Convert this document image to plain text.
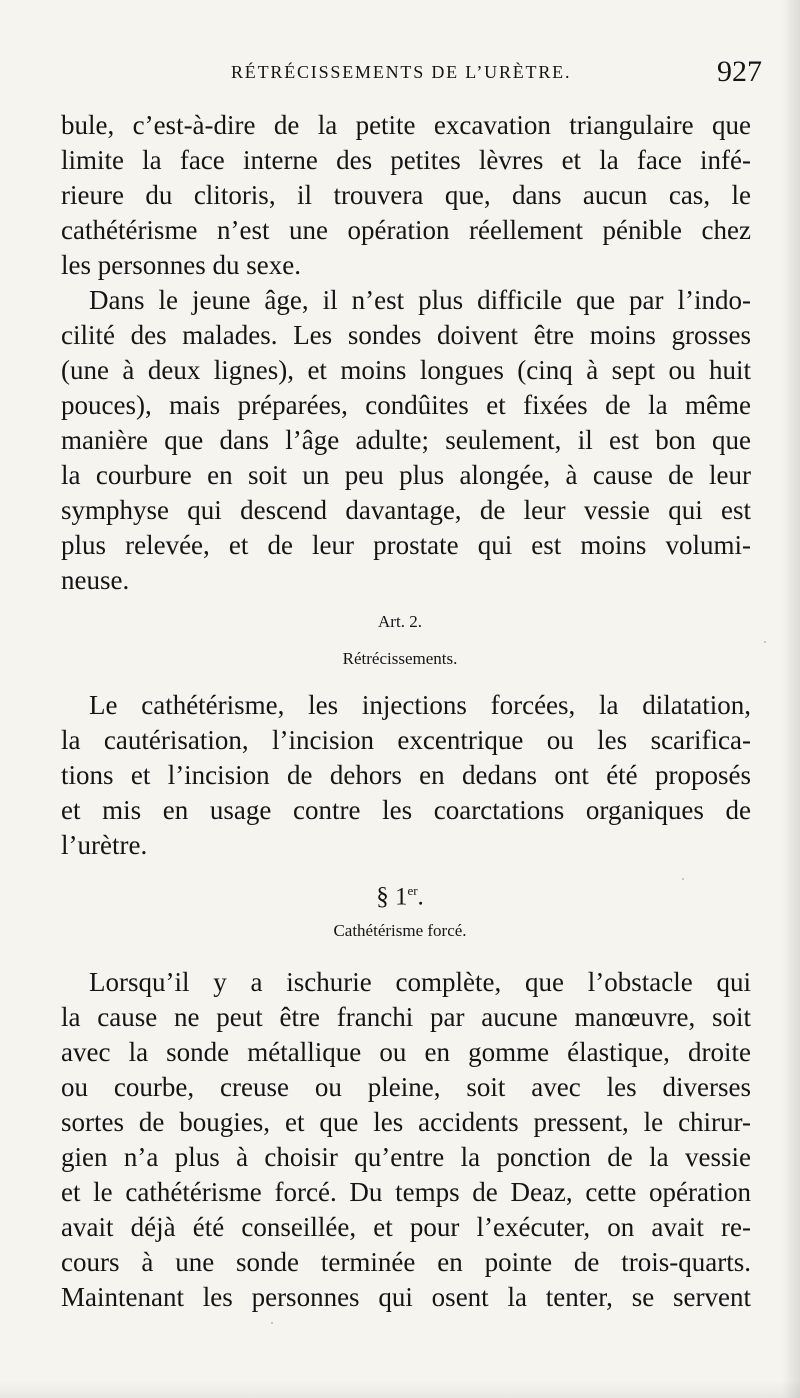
RÉTRÉCISSEMENTS DE L’URÈTRE.	927
bule, c’est-à-dire de la petite excavation triangulaire que
limite la face interne des petites lèvres et la face infé-
rieure du clitoris, il trouvera que, dans aucun cas, le
cathétérisme n’est une opération réellement pénible chez
les personnes du sexe.
Dans le jeune âge, il n’est plus difficile que par l’indo-
cilité des malades. Les sondes doivent être moins grosses
(une à deux lignes), et moins longues (cinq à sept ou huit
pouces), mais préparées, condûites et fixées de la même
manière que dans l’âge adulte; seulement, il est bon que
la courbure en soit un peu plus alongée, à cause de leur
symphyse qui descend davantage, de leur vessie qui est
plus relevée, et de leur prostate qui est moins volumi-
neuse.
Art. 2.
Rétrécissements.
Le cathétérisme, les injections forcées, la dilatation,
la cautérisation, l’incision excentrique ou les scarifica-
tions et l’incision de dehors en dedans ont été proposés
et mis en usage contre les coarctations organiques de
l’urètre.
§ 1er.
Cathétérisme forcé.
Lorsqu’il y a ischurie complète, que l’obstacle qui
la cause ne peut être franchi par aucune manœuvre, soit
avec la sonde métallique ou en gomme élastique, droite
ou courbe, creuse ou pleine, soit avec les diverses
sortes de bougies, et que les accidents pressent, le chirur-
gien n’a plus à choisir qu’entre la ponction de la vessie
et le cathétérisme forcé. Du temps de Deaz, cette opération
avait déjà été conseillée, et pour l’exécuter, on avait re-
cours à une sonde terminée en pointe de trois-quarts.
Maintenant les personnes qui osent la tenter, se servent
